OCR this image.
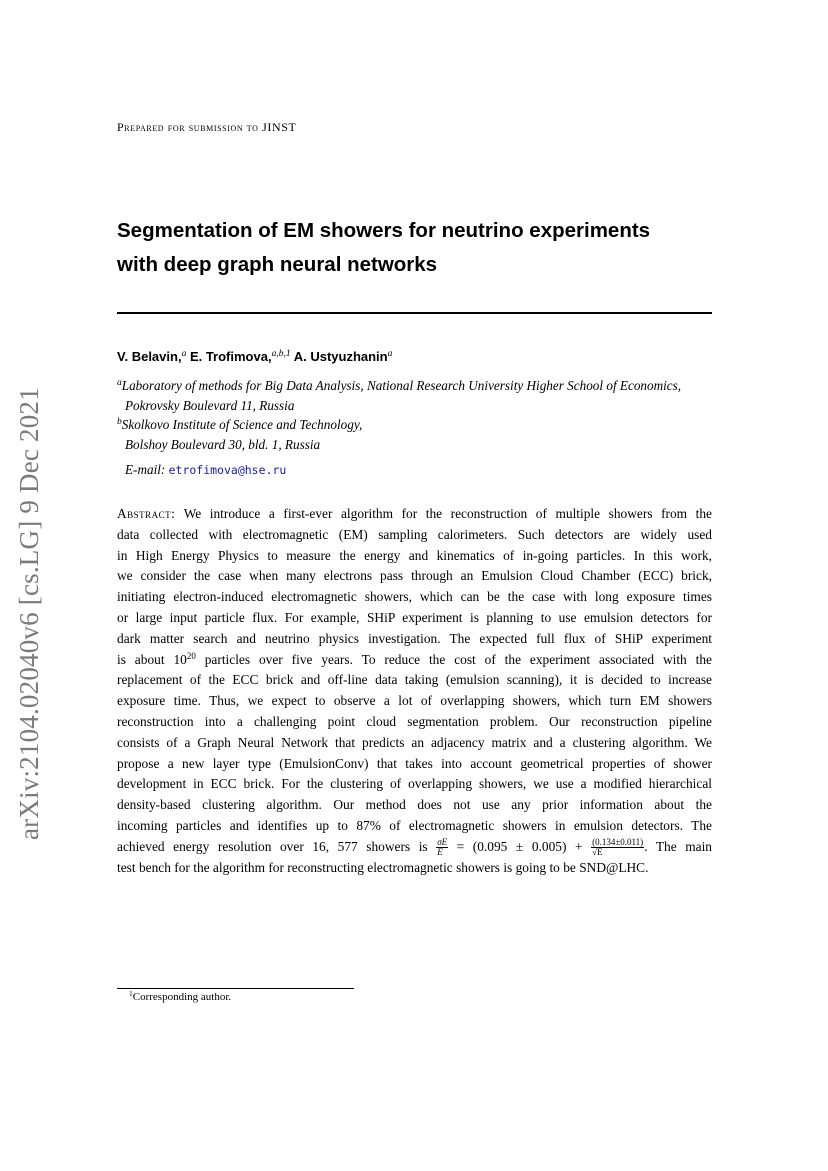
arXiv:2104.02040v6 [cs.LG] 9 Dec 2021
Prepared for submission to JINST
Segmentation of EM showers for neutrino experiments
with deep graph neural networks
V. Belavin,$^a$ E. Trofimova,$^{a,b,1}$ A. Ustyuzhanin$^a$
$^a$Laboratory of methods for Big Data Analysis, National Research University Higher School of Economics,
Pokrovsky Boulevard 11, Russia
$^b$Skolkovo Institute of Science and Technology,
Bolshoy Boulevard 30, bld. 1, Russia
E-mail: etrofimova@hse.ru
Abstract: We introduce a first-ever algorithm for the reconstruction of multiple showers from the
data collected with electromagnetic (EM) sampling calorimeters. Such detectors are widely used
in High Energy Physics to measure the energy and kinematics of in-going particles. In this work,
we consider the case when many electrons pass through an Emulsion Cloud Chamber (ECC) brick,
initiating electron-induced electromagnetic showers, which can be the case with long exposure times
or large input particle flux. For example, SHiP experiment is planning to use emulsion detectors for
dark matter search and neutrino physics investigation. The expected full flux of SHiP experiment
is about $10^{20}$ particles over five years. To reduce the cost of the experiment associated with the
replacement of the ECC brick and off-line data taking (emulsion scanning), it is decided to increase
exposure time. Thus, we expect to observe a lot of overlapping showers, which turn EM showers
reconstruction into a challenging point cloud segmentation problem. Our reconstruction pipeline
consists of a Graph Neural Network that predicts an adjacency matrix and a clustering algorithm. We
propose a new layer type (EmulsionConv) that takes into account geometrical properties of shower
development in ECC brick. For the clustering of overlapping showers, we use a modified hierarchical
density-based clustering algorithm. Our method does not use any prior information about the
incoming particles and identifies up to 87% of electromagnetic showers in emulsion detectors. The
achieved energy resolution over 16, 577 showers is $\frac{\sigma E}{E} = (0.095 \pm 0.005) + \frac{(0.134\pm 0.011)}{√E}$ . The main
test bench for the algorithm for reconstructing electromagnetic showers is going to be SND@LHC.
$^1$Corresponding author.
